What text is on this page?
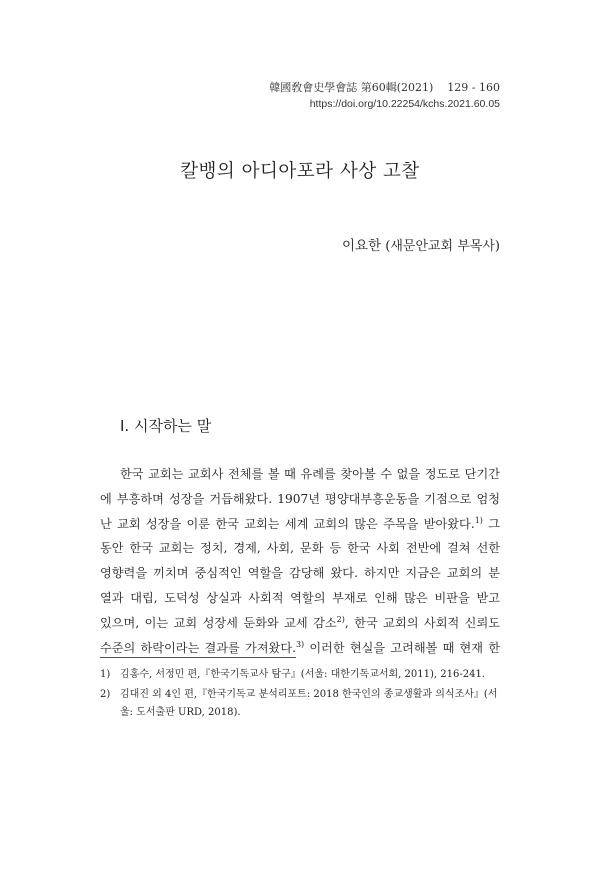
韓國敎會史學會誌 第60輯(2021) 129 - 160
https://doi.org/10.22254/kchs.2021.60.05
칼뱅의 아디아포라 사상 고찰
이요한 (새문안교회 부목사)
I. 시작하는 말
한국 교회는 교회사 전체를 볼 때 유례를 찾아볼 수 없을 정도로 단기간
에 부흥하며 성장을 거듭해왔다. 1907년 평양대부흥운동을 기점으로 엄청
난 교회 성장을 이룬 한국 교회는 세계 교회의 많은 주목을 받아왔다.$^{1)}$ 그
동안 한국 교회는 정치, 경제, 사회, 문화 등 한국 사회 전반에 걸쳐 선한
영향력을 끼치며 중심적인 역할을 감당해 왔다. 하지만 지금은 교회의 분
열과 대립, 도덕성 상실과 사회적 역할의 부재로 인해 많은 비판을 받고
있으며, 이는 교회 성장세 둔화와 교세 감소$^{2)}$, 한국 교회의 사회적 신뢰도
수준의 하락이라는 결과를 가져왔다.$^{3)}$ 이러한 현실을 고려해볼 때 현재 한
1) 김홍수, 서정민 편,『한국기독교사 탐구』(서울: 대한기독교서회, 2011), 216-241.
2) 김대진 외 4인 편,『한국기독교 분석리포트: 2018 한국인의 종교생활과 의식조사』(서울: 도서출판 URD, 2018).
